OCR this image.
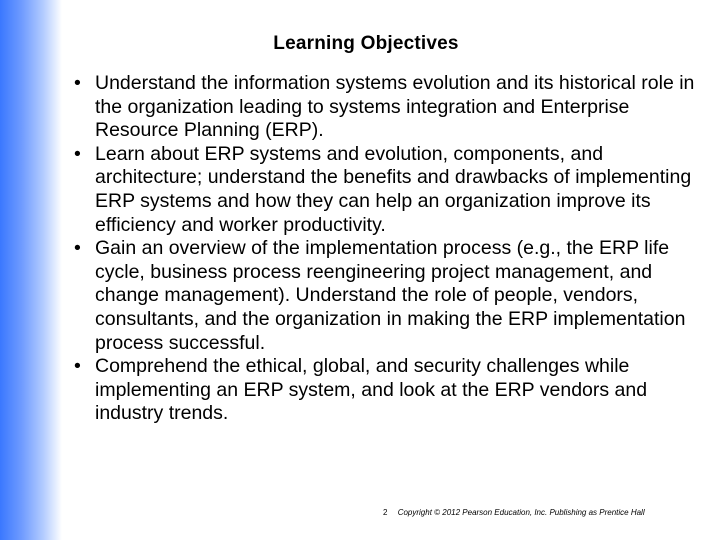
Learning Objectives
• Understand the information systems evolution and its historical role in the organization leading to systems integration and Enterprise Resource Planning (ERP).
• Learn about ERP systems and evolution, components, and architecture; understand the benefits and drawbacks of implementing ERP systems and how they can help an organization improve its efficiency and worker productivity.
• Gain an overview of the implementation process (e.g., the ERP life cycle, business process reengineering project management, and change management). Understand the role of people, vendors, consultants, and the organization in making the ERP implementation process successful.
• Comprehend the ethical, global, and security challenges while implementing an ERP system, and look at the ERP vendors and industry trends.
2 Copyright © 2012 Pearson Education, Inc. Publishing as Prentice Hall
